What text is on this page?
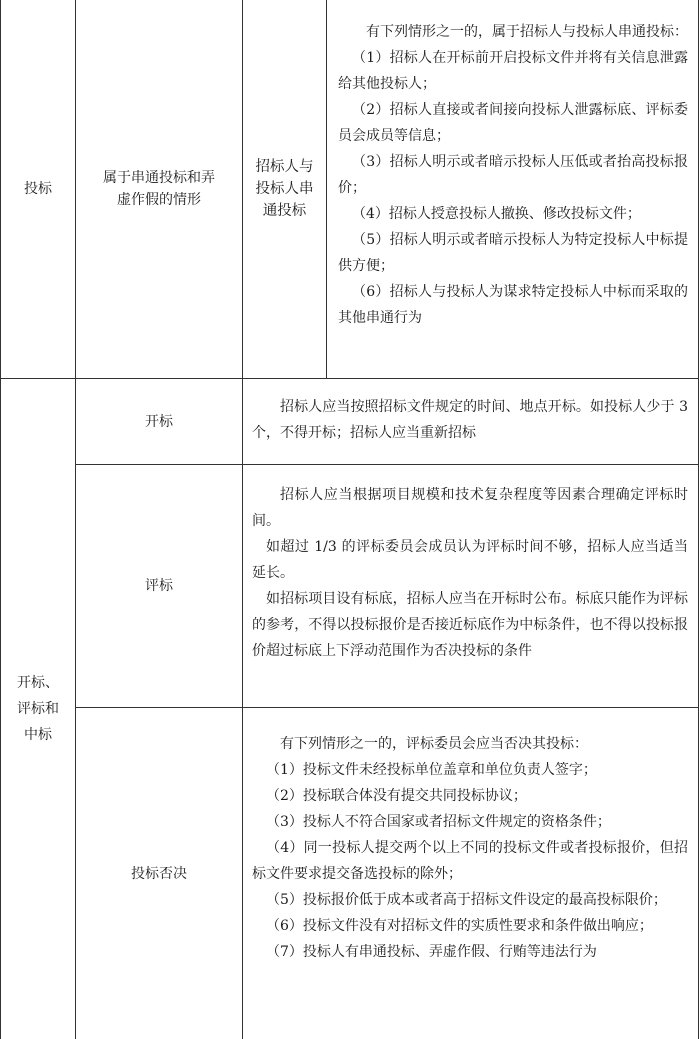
投标
属于串通投标和弄虚作假的情形
招标人与投标人串通投标

有下列情形之一的，属于招标人与投标人串通投标：

（1）招标人在开标前开启投标文件并将有关信息泄露给其他投标人；

（2）招标人直接或者间接向投标人泄露标底、评标委员会成员等信息；

（3）招标人明示或者暗示投标人压低或者抬高投标报价；

（4）招标人授意投标人撤换、修改投标文件；

（5）招标人明示或者暗示投标人为特定投标人中标提供方便；

（6）招标人与投标人为谋求特定投标人中标而采取的其他串通行为

开标、评标和中标
开标

招标人应当按照招标文件规定的时间、地点开标。如投标人少于 3 个，不得开标；招标人应当重新招标

评标

招标人应当根据项目规模和技术复杂程度等因素合理确定评标时间。

如超过 1/3 的评标委员会成员认为评标时间不够，招标人应当适当延长。

如招标项目设有标底，招标人应当在开标时公布。标底只能作为评标的参考，不得以投标报价是否接近标底作为中标条件，也不得以投标报价超过标底上下浮动范围作为否决投标的条件

投标否决

有下列情形之一的，评标委员会应当否决其投标：

（1）投标文件未经投标单位盖章和单位负责人签字；

（2）投标联合体没有提交共同投标协议；

（3）投标人不符合国家或者招标文件规定的资格条件；

（4）同一投标人提交两个以上不同的投标文件或者投标报价，但招标文件要求提交备选投标的除外；

（5）投标报价低于成本或者高于招标文件设定的最高投标限价；

（6）投标文件没有对招标文件的实质性要求和条件做出响应；

（7）投标人有串通投标、弄虚作假、行贿等违法行为
